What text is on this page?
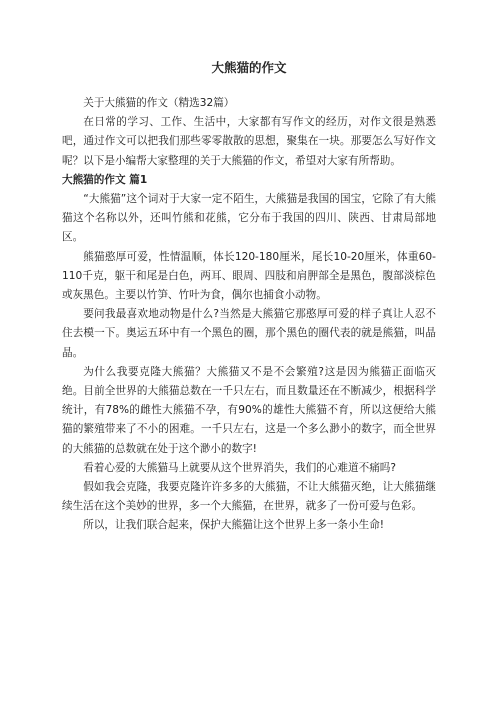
大熊猫的作文

关于大熊猫的作文（精选32篇）

在日常的学习、工作、生活中，大家都有写作文的经历，对作文很是熟悉吧，通过作文可以把我们那些零零散散的思想，聚集在一块。那要怎么写好作文呢？以下是小编帮大家整理的关于大熊猫的作文，希望对大家有所帮助。

大熊猫的作文 篇1

“大熊猫”这个词对于大家一定不陌生，大熊猫是我国的国宝，它除了有大熊猫这个名称以外，还叫竹熊和花熊，它分布于我国的四川、陕西、甘肃局部地区。

熊猫憨厚可爱，性情温顺，体长120-180厘米，尾长10-20厘米，体重60-110千克，躯干和尾是白色，两耳、眼周、四肢和肩胛部全是黑色，腹部淡棕色或灰黑色。主要以竹笋、竹叶为食，偶尔也捕食小动物。

要问我最喜欢地动物是什么?当然是大熊猫它那憨厚可爱的样子真让人忍不住去模一下。奥运五环中有一个黑色的圈，那个黑色的圈代表的就是熊猫，叫晶晶。

为什么我要克隆大熊猫？大熊猫又不是不会繁殖?这是因为熊猫正面临灭绝。目前全世界的大熊猫总数在一千只左右，而且数量还在不断减少，根据科学统计，有78%的雌性大熊猫不孕，有90%的雄性大熊猫不育，所以这便给大熊猫的繁殖带来了不小的困难。一千只左右，这是一个多么渺小的数字，而全世界的大熊猫的总数就在处于这个渺小的数字!

看着心爱的大熊猫马上就要从这个世界消失，我们的心难道不痛吗?

假如我会克隆，我要克隆许许多多的大熊猫，不让大熊猫灭绝，让大熊猫继续生活在这个美妙的世界，多一个大熊猫，在世界，就多了一份可爱与色彩。

所以，让我们联合起来，保护大熊猫让这个世界上多一条小生命!
